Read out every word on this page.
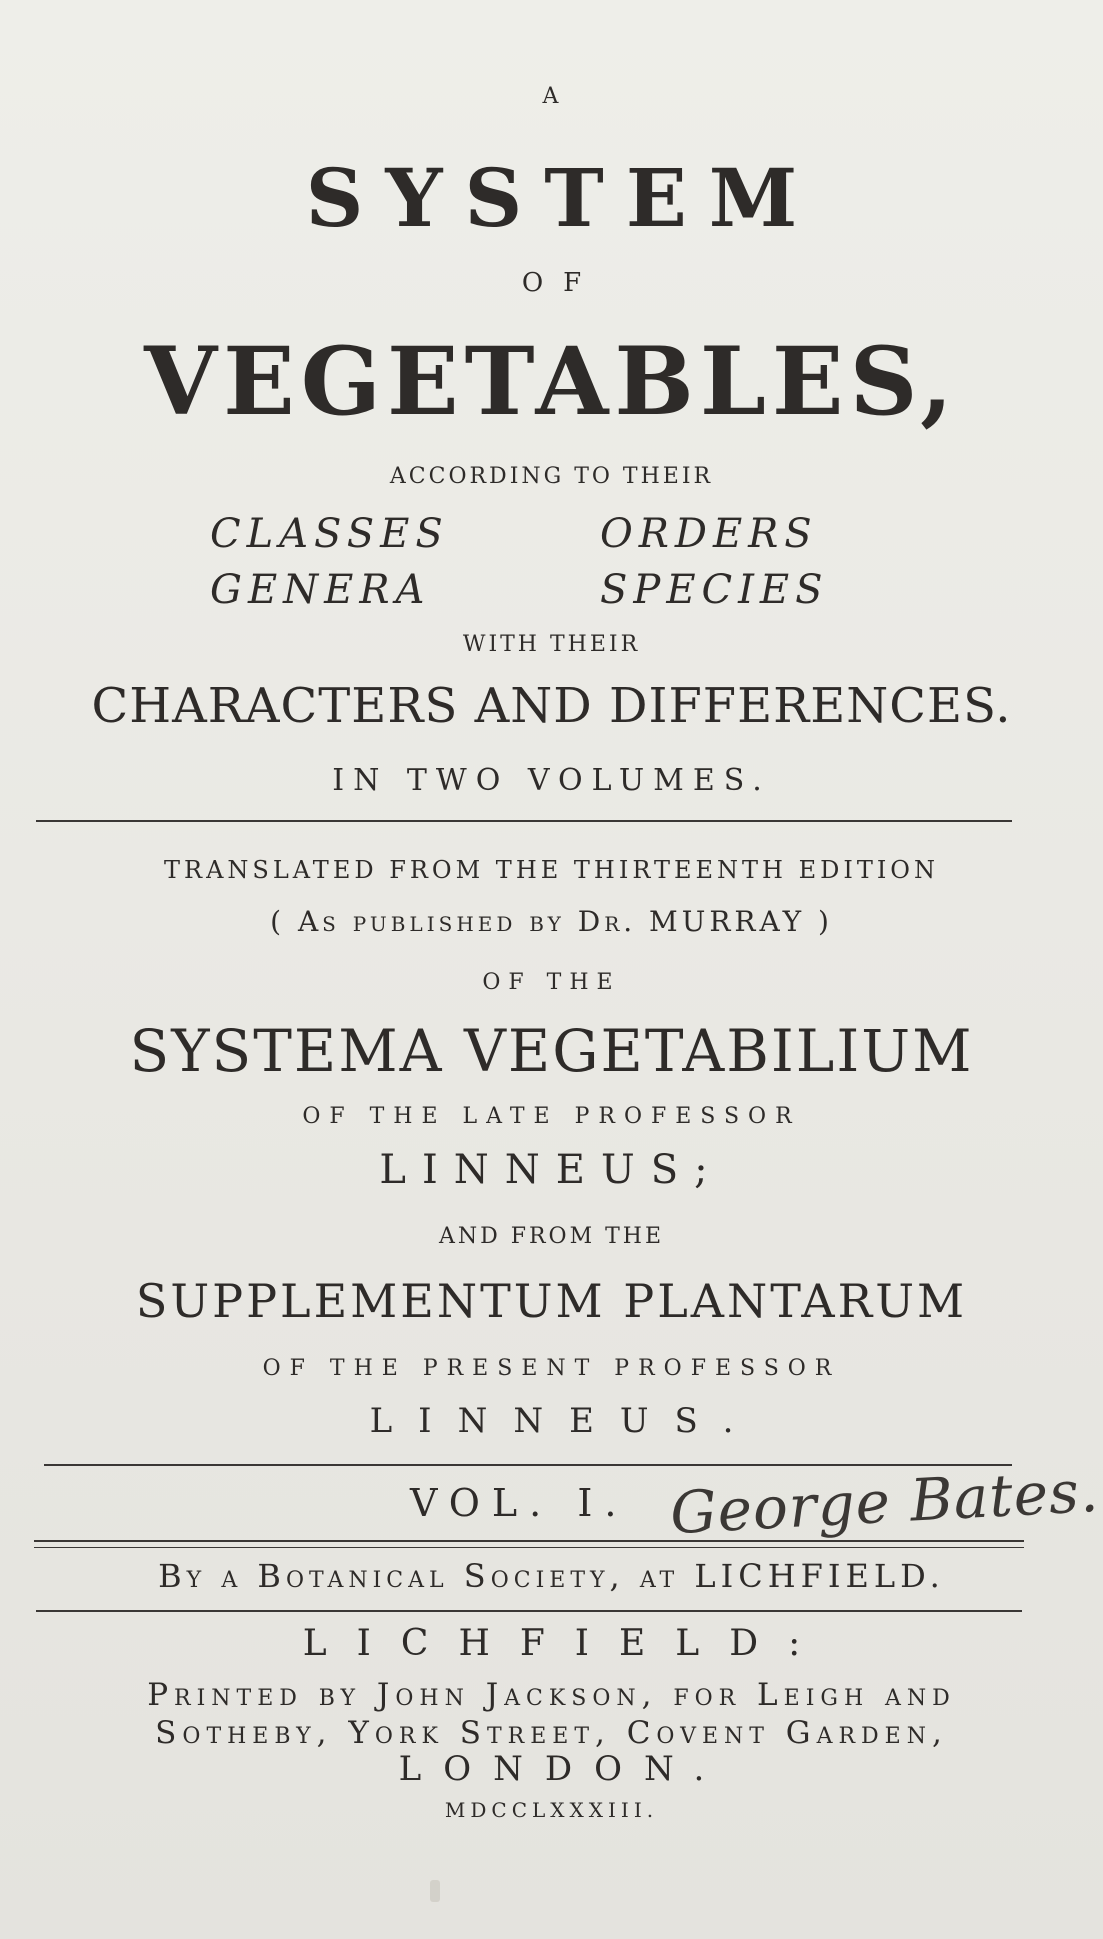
A
SYSTEM
OF
VEGETABLES,
ACCORDING TO THEIR
CLASSES	ORDERS
GENERA	SPECIES
WITH THEIR
CHARACTERS AND DIFFERENCES.
IN TWO VOLUMES.
TRANSLATED FROM THE THIRTEENTH EDITION
( As published by Dr. MURRAY )
OF THE
SYSTEMA VEGETABILIUM
OF THE LATE PROFESSOR
LINNEUS;
AND FROM THE
SUPPLEMENTUM PLANTARUM
OF THE PRESENT PROFESSOR
LINNEUS.
VOL. I. George Bates.
By a Botanical Society, at LICHFIELD.
LICHFIELD:
Printed by John Jackson, for Leigh and
Sotheby, York Street, Covent Garden,
LONDON.
MDCCLXXXIII.
